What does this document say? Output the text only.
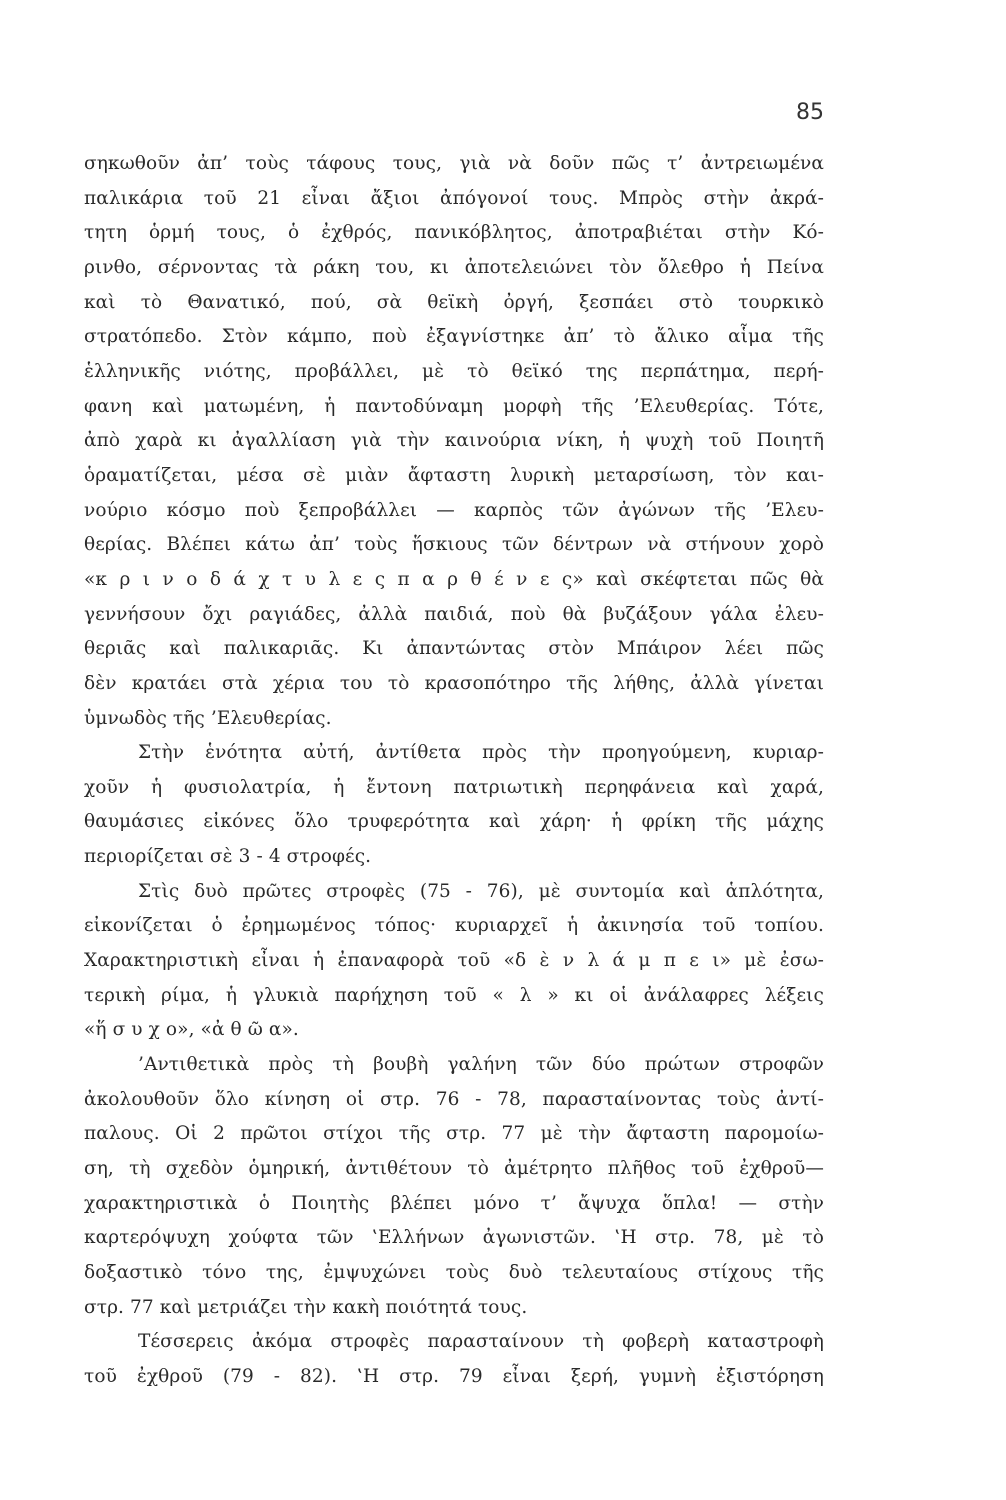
85

σηκωθοῦν ἀπ’ τοὺς τάφους τους, γιὰ νὰ δοῦν πῶς τ’ ἀντρειωμένα
παλικάρια τοῦ 21 εἶναι ἄξιοι ἀπόγονοί τους. Μπρὸς στὴν ἀκρά-
τητη ὁρμή τους, ὁ ἐχθρός, πανικόβλητος, ἀποτραβιέται στὴν Κό-
ρινθο, σέρνοντας τὰ ράκη του, κι ἀποτελειώνει τὸν ὄλεθρο ἡ Πείνα
καὶ τὸ Θανατικό, πού, σὰ θεϊκὴ ὀργή, ξεσπάει στὸ τουρκικὸ
στρατόπεδο. Στὸν κάμπο, ποὺ ἐξαγνίστηκε ἀπ’ τὸ ἄλικο αἷμα τῆς
ἑλληνικῆς νιότης, προβάλλει, μὲ τὸ θεϊκό της περπάτημα, περή-
φανη καὶ ματωμένη, ἡ παντοδύναμη μορφὴ τῆς ’Ελευθερίας. Τότε,
ἀπὸ χαρὰ κι ἀγαλλίαση γιὰ τὴν καινούρια νίκη, ἡ ψυχὴ τοῦ Ποιητῆ
ὁραματίζεται, μέσα σὲ μιὰν ἄφταστη λυρικὴ μεταρσίωση, τὸν και-
νούριο κόσμο ποὺ ξεπροβάλλει — καρπὸς τῶν ἀγώνων τῆς ’Ελευ-
θερίας. Βλέπει κάτω ἀπ’ τοὺς ἥσκιους τῶν δέντρων νὰ στήνουν χορὸ
«κ ρ ι ν ο δ ά χ τ υ λ ε ς π α ρ θ έ ν ε ς» καὶ σκέφτεται πῶς θὰ
γεννήσουν ὄχι ραγιάδες, ἀλλὰ παιδιά, ποὺ θὰ βυζάξουν γάλα ἐλευ-
θεριᾶς καὶ παλικαριᾶς. Κι ἀπαντώντας στὸν Μπάιρον λέει πῶς
δὲν κρατάει στὰ χέρια του τὸ κρασοπότηρο τῆς λήθης, ἀλλὰ γίνεται
ὑμνωδὸς τῆς ’Ελευθερίας.
Στὴν ἑνότητα αὐτή, ἀντίθετα πρὸς τὴν προηγούμενη, κυριαρ-
χοῦν ἡ φυσιολατρία, ἡ ἔντονη πατριωτικὴ περηφάνεια καὶ χαρά,
θαυμάσιες εἰκόνες ὅλο τρυφερότητα καὶ χάρη· ἡ φρίκη τῆς μάχης
περιορίζεται σὲ 3 - 4 στροφές.
Στὶς δυὸ πρῶτες στροφὲς (75 - 76), μὲ συντομία καὶ ἁπλότητα,
εἰκονίζεται ὁ ἐρημωμένος τόπος· κυριαρχεῖ ἡ ἀκινησία τοῦ τοπίου.
Χαρακτηριστικὴ εἶναι ἡ ἐπαναφορὰ τοῦ «δ ὲ ν λ ά μ π ε ι» μὲ ἐσω-
τερικὴ ρίμα, ἡ γλυκιὰ παρήχηση τοῦ « λ » κι οἱ ἀνάλαφρες λέξεις
«ἥ σ υ χ ο», «ἀ θ ῶ α».
’Αντιθετικὰ πρὸς τὴ βουβὴ γαλήνη τῶν δύο πρώτων στροφῶν
ἀκολουθοῦν ὅλο κίνηση οἱ στρ. 76 - 78, παρασταίνοντας τοὺς ἀντί-
παλους. Οἱ 2 πρῶτοι στίχοι τῆς στρ. 77 μὲ τὴν ἄφταστη παρομοίω-
ση, τὴ σχεδὸν ὁμηρική, ἀντιθέτουν τὸ ἀμέτρητο πλῆθος τοῦ ἐχθροῦ—
χαρακτηριστικὰ ὁ Ποιητὴς βλέπει μόνο τ’ ἄψυχα ὅπλα! — στὴν
καρτερόψυχη χούφτα τῶν ‛Ελλήνων ἀγωνιστῶν. ‛Η στρ. 78, μὲ τὸ
δοξαστικὸ τόνο της, ἐμψυχώνει τοὺς δυὸ τελευταίους στίχους τῆς
στρ. 77 καὶ μετριάζει τὴν κακὴ ποιότητά τους.
Τέσσερεις ἀκόμα στροφὲς παρασταίνουν τὴ φοβερὴ καταστροφὴ
τοῦ ἐχθροῦ (79 - 82). ‛Η στρ. 79 εἶναι ξερή, γυμνὴ ἐξιστόρηση
